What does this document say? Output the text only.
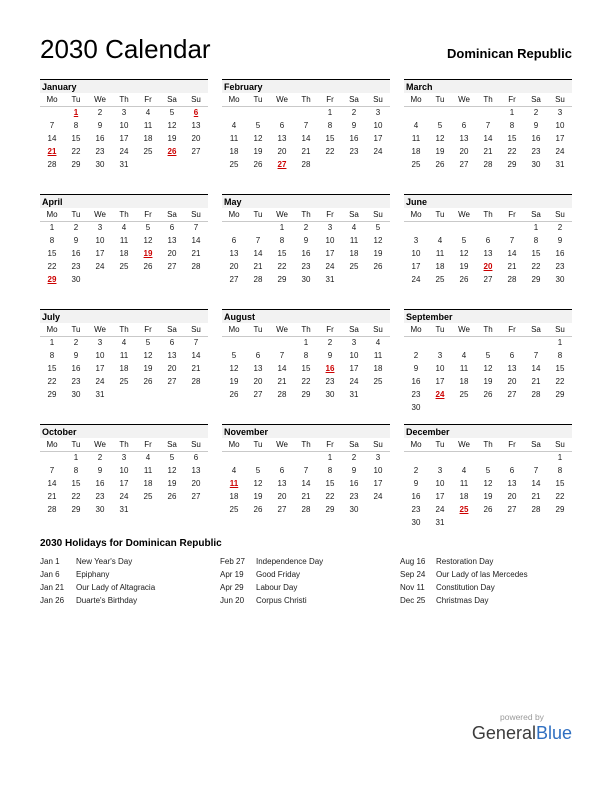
2030 Calendar	Dominican Republic
January
Mo	Tu	We	Th	Fr	Sa	Su
	1	2	3	4	5	6
7	8	9	10	11	12	13
14	15	16	17	18	19	20
21	22	23	24	25	26	27
28	29	30	31			
February
Mo	Tu	We	Th	Fr	Sa	Su
				1	2	3
4	5	6	7	8	9	10
11	12	13	14	15	16	17
18	19	20	21	22	23	24
25	26	27	28			
March
Mo	Tu	We	Th	Fr	Sa	Su
				1	2	3
4	5	6	7	8	9	10
11	12	13	14	15	16	17
18	19	20	21	22	23	24
25	26	27	28	29	30	31
April
Mo	Tu	We	Th	Fr	Sa	Su
1	2	3	4	5	6	7
8	9	10	11	12	13	14
15	16	17	18	19	20	21
22	23	24	25	26	27	28
29	30					
May
Mo	Tu	We	Th	Fr	Sa	Su
		1	2	3	4	5
6	7	8	9	10	11	12
13	14	15	16	17	18	19
20	21	22	23	24	25	26
27	28	29	30	31		
June
Mo	Tu	We	Th	Fr	Sa	Su
					1	2
3	4	5	6	7	8	9
10	11	12	13	14	15	16
17	18	19	20	21	22	23
24	25	26	27	28	29	30
July
Mo	Tu	We	Th	Fr	Sa	Su
1	2	3	4	5	6	7
8	9	10	11	12	13	14
15	16	17	18	19	20	21
22	23	24	25	26	27	28
29	30	31				
August
Mo	Tu	We	Th	Fr	Sa	Su
			1	2	3	4
5	6	7	8	9	10	11
12	13	14	15	16	17	18
19	20	21	22	23	24	25
26	27	28	29	30	31	
September
Mo	Tu	We	Th	Fr	Sa	Su
						1
2	3	4	5	6	7	8
9	10	11	12	13	14	15
16	17	18	19	20	21	22
23	24	25	26	27	28	29
30						
October
Mo	Tu	We	Th	Fr	Sa	Su
	1	2	3	4	5	6
7	8	9	10	11	12	13
14	15	16	17	18	19	20
21	22	23	24	25	26	27
28	29	30	31			
November
Mo	Tu	We	Th	Fr	Sa	Su
				1	2	3
4	5	6	7	8	9	10
11	12	13	14	15	16	17
18	19	20	21	22	23	24
25	26	27	28	29	30	
December
Mo	Tu	We	Th	Fr	Sa	Su
						1
2	3	4	5	6	7	8
9	10	11	12	13	14	15
16	17	18	19	20	21	22
23	24	25	26	27	28	29
30	31					
2030 Holidays for Dominican Republic
Jan 1	New Year's Day
Jan 6	Epiphany
Jan 21	Our Lady of Altagracia
Jan 26	Duarte's Birthday
Feb 27	Independence Day
Apr 19	Good Friday
Apr 29	Labour Day
Jun 20	Corpus Christi
Aug 16	Restoration Day
Sep 24	Our Lady of las Mercedes
Nov 11	Constitution Day
Dec 25	Christmas Day
powered by
GeneralBlue
